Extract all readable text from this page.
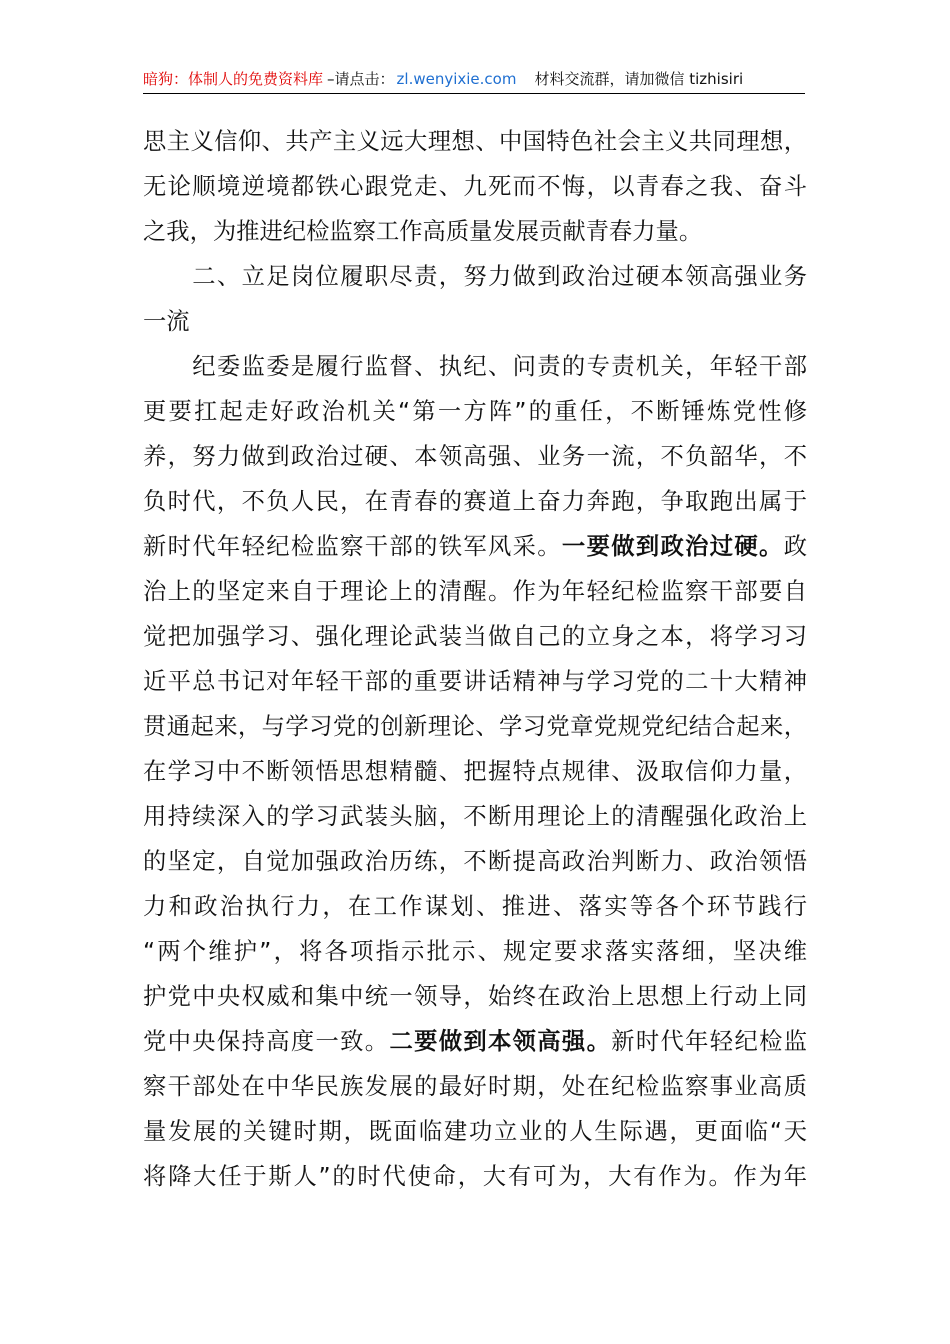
暗狗：体制人的免费资料库 –请点击： zl.wenyixie.com 材料交流群，请加微信 tizhisiri
思主义信仰、共产主义远大理想、中国特色社会主义共同理想，
无论顺境逆境都铁心跟党走、九死而不悔，以青春之我、奋斗
之我，为推进纪检监察工作高质量发展贡献青春力量。
　　二、立足岗位履职尽责，努力做到政治过硬本领高强业务
一流
　　纪委监委是履行监督、执纪、问责的专责机关，年轻干部
更要扛起走好政治机关“第一方阵”的重任，不断锤炼党性修
养，努力做到政治过硬、本领高强、业务一流，不负韶华，不
负时代，不负人民，在青春的赛道上奋力奔跑，争取跑出属于
新时代年轻纪检监察干部的铁军风采。一要做到政治过硬。政
治上的坚定来自于理论上的清醒。作为年轻纪检监察干部要自
觉把加强学习、强化理论武装当做自己的立身之本，将学习习
近平总书记对年轻干部的重要讲话精神与学习党的二十大精神
贯通起来，与学习党的创新理论、学习党章党规党纪结合起来，
在学习中不断领悟思想精髓、把握特点规律、汲取信仰力量，
用持续深入的学习武装头脑，不断用理论上的清醒强化政治上
的坚定，自觉加强政治历练，不断提高政治判断力、政治领悟
力和政治执行力，在工作谋划、推进、落实等各个环节践行
“两个维护”，将各项指示批示、规定要求落实落细，坚决维
护党中央权威和集中统一领导，始终在政治上思想上行动上同
党中央保持高度一致。二要做到本领高强。新时代年轻纪检监
察干部处在中华民族发展的最好时期，处在纪检监察事业高质
量发展的关键时期，既面临建功立业的人生际遇，更面临“天
将降大任于斯人”的时代使命，大有可为，大有作为。作为年
